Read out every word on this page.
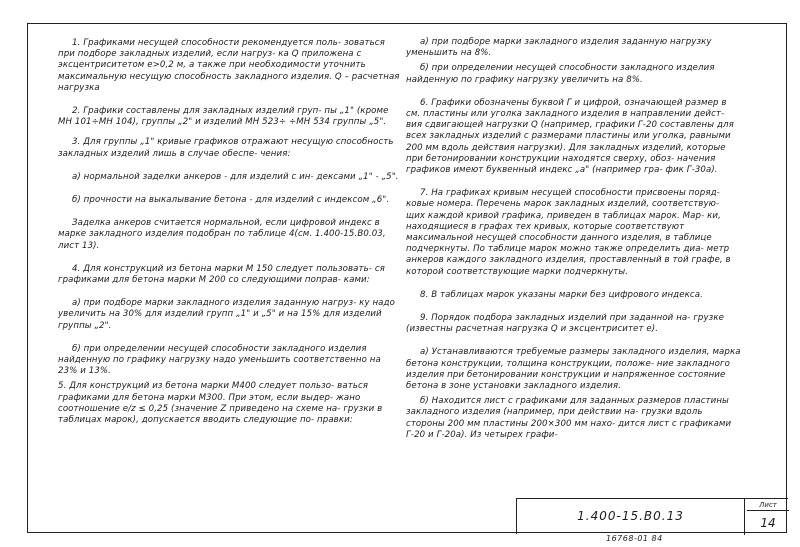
1. Графиками несущей способности рекомендуется поль- зоваться при подборе закладных изделий, если нагруз- ка Q приложена с эксцентриситетом е>0,2 м, а также при необходимости уточнить максимальную несущую способность закладного изделия. Q – расчетная нагрузка

2. Графики составлены для закладных изделий груп- пы „1" (кроме МН 101÷МН 104), группы „2" и изделий МН 523÷ ÷МН 534 группы „5".

3. Для группы „1" кривые графиков отражают несущую способность закладных изделий лишь в случае обеспе- чения:

а) нормальной заделки анкеров - для изделий с ин- дексами „1" - „5".

б) прочности на выкалывание бетона - для изделий с индексом „6".

Заделка анкеров считается нормальной, если цифровой индекс в марке закладного изделия подобран по таблице 4(см. 1.400-15.В0.03, лист 13).

4. Для конструкций из бетона марки М 150 следует пользовать- ся графиками для бетона марки М 200 со следующими поправ- ками:

а) при подборе марки закладного изделия заданную нагруз- ку надо увеличить на 30% для изделий групп „1" и „5" и на 15% для изделий группы „2".

б) при определении несущей способности закладного изделия найденную по графику нагрузку надо уменьшить соответственно на 23% и 13%.

5. Для конструкций из бетона марки М400 следует пользо- ваться графиками для бетона марки М300. При этом, если выдер- жано соотношение е/z ≤ 0,25 (значение Z приведено на схеме на- грузки в таблицах марок), допускается вводить следующие по- правки:

а) при подборе марки закладного изделия заданную нагрузку уменьшить на 8%.

б) при определении несущей способности закладного изделия найденную по графику нагрузку увеличить на 8%.

6. Графики обозначены буквой Г и цифрой, означающей размер в см. пластины или уголка закладного изделия в направлении дейст- вия сдвигающей нагрузки Q (например, графики Г-20 составлены для всех закладных изделий с размерами пластины или уголка, равными 200 мм вдоль действия нагрузки). Для закладных изделий, которые при бетонировании конструкции находятся сверху, обоз- начения графиков имеют буквенный индекс „а" (например гра- фик Г-30а).

7. На графиках кривым несущей способности присвоены поряд- ковые номера. Перечень марок закладных изделий, соответствую- щих каждой кривой графика, приведен в таблицах марок. Мар- ки, находящиеся в графах тех кривых, которые соответствуют максимальной несущей способности данного изделия, в таблице подчеркнуты. По таблице марок можно также определить диа- метр анкеров каждого закладного изделия, проставленный в той графе, в которой соответствующие марки подчеркнуты.

8. В таблицах марок указаны марки без цифрового индекса.

9. Порядок подбора закладных изделий при заданной на- грузке (известны расчетная нагрузка Q и эксцентриситет е).

а) Устанавливаются требуемые размеры закладного изделия, марка бетона конструкции, толщина конструкции, положе- ние закладного изделия при бетонировании конструкции и напряженное состояние бетона в зоне установки закладного изделия.

б) Находится лист с графиками для заданных размеров пластины закладного изделия (например, при действии на- грузки вдоль стороны 200 мм пластины 200×300 мм нахо- дится лист с графиками Г-20 и Г-20а). Из четырех графи-

1.400-15.В0.13
Лист
14
16768-01 84
